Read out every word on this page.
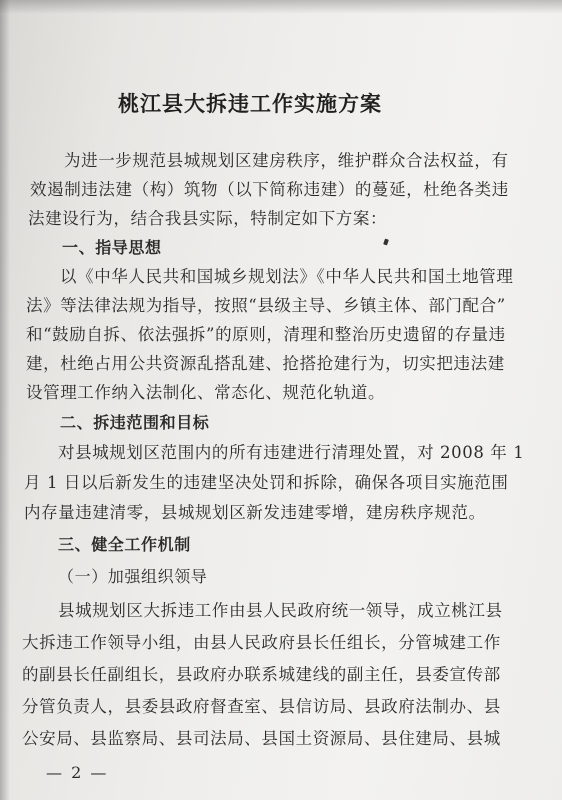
桃江县大拆违工作实施方案
为进一步规范县城规划区建房秩序，维护群众合法权益，有
效遏制违法建（构）筑物（以下简称违建）的蔓延，杜绝各类违
法建设行为，结合我县实际，特制定如下方案：
一、指导思想
以《中华人民共和国城乡规划法》《中华人民共和国土地管理
法》等法律法规为指导，按照“县级主导、乡镇主体、部门配合”
和“鼓励自拆、依法强拆”的原则，清理和整治历史遗留的存量违
建，杜绝占用公共资源乱搭乱建、抢搭抢建行为，切实把违法建
设管理工作纳入法制化、常态化、规范化轨道。
二、拆违范围和目标
对县城规划区范围内的所有违建进行清理处置，对 2008 年 1
月 1 日以后新发生的违建坚决处罚和拆除，确保各项目实施范围
内存量违建清零，县城规划区新发违建零增，建房秩序规范。
三、健全工作机制
（一）加强组织领导
县城规划区大拆违工作由县人民政府统一领导，成立桃江县
大拆违工作领导小组，由县人民政府县长任组长，分管城建工作
的副县长任副组长，县政府办联系城建线的副主任，县委宣传部
分管负责人，县委县政府督查室、县信访局、县政府法制办、县
公安局、县监察局、县司法局、县国土资源局、县住建局、县城
— 2 —
